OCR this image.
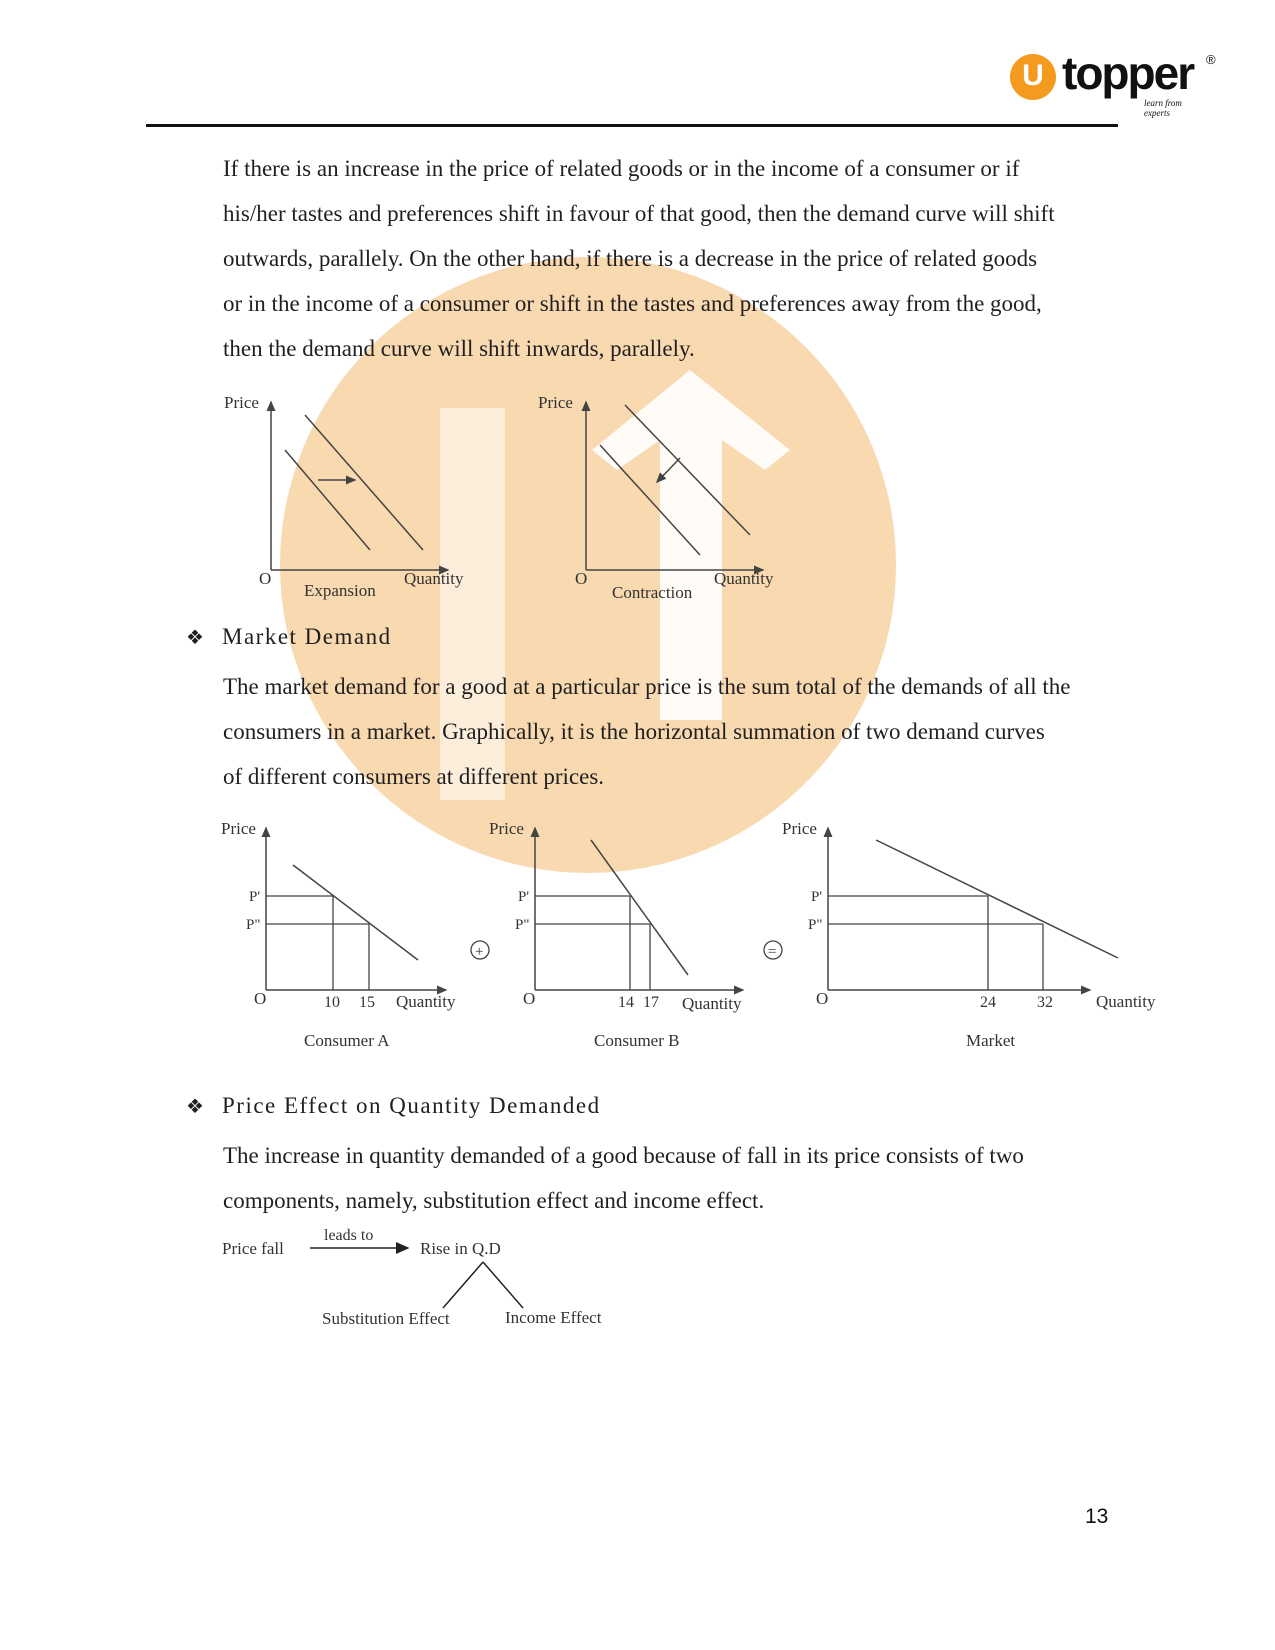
U topper ®
learn from experts
If there is an increase in the price of related goods or in the income of a consumer or if
his/her tastes and preferences shift in favour of that good, then the demand curve will shift
outwards, parallely. On the other hand, if there is a decrease in the price of related goods
or in the income of a consumer or shift in the tastes and preferences away from the good,
then the demand curve will shift inwards, parallely.
Price
Quantity
O
Expansion
Price
Quantity
O
Contraction
❖ Market Demand
The market demand for a good at a particular price is the sum total of the demands of all the
consumers in a market. Graphically, it is the horizontal summation of two demand curves
of different consumers at different prices.
Price
P'
P"
O	10 15 Quantity
Consumer A
+
Price
P'
P"
O	14 17 Quantity
Consumer B
=
Price
P'
P"
O	24	32	Quantity
Market
❖ Price Effect on Quantity Demanded
The increase in quantity demanded of a good because of fall in its price consists of two
components, namely, substitution effect and income effect.
Price fall
leads to
Rise in Q.D
Substitution Effect	Income Effect
13
